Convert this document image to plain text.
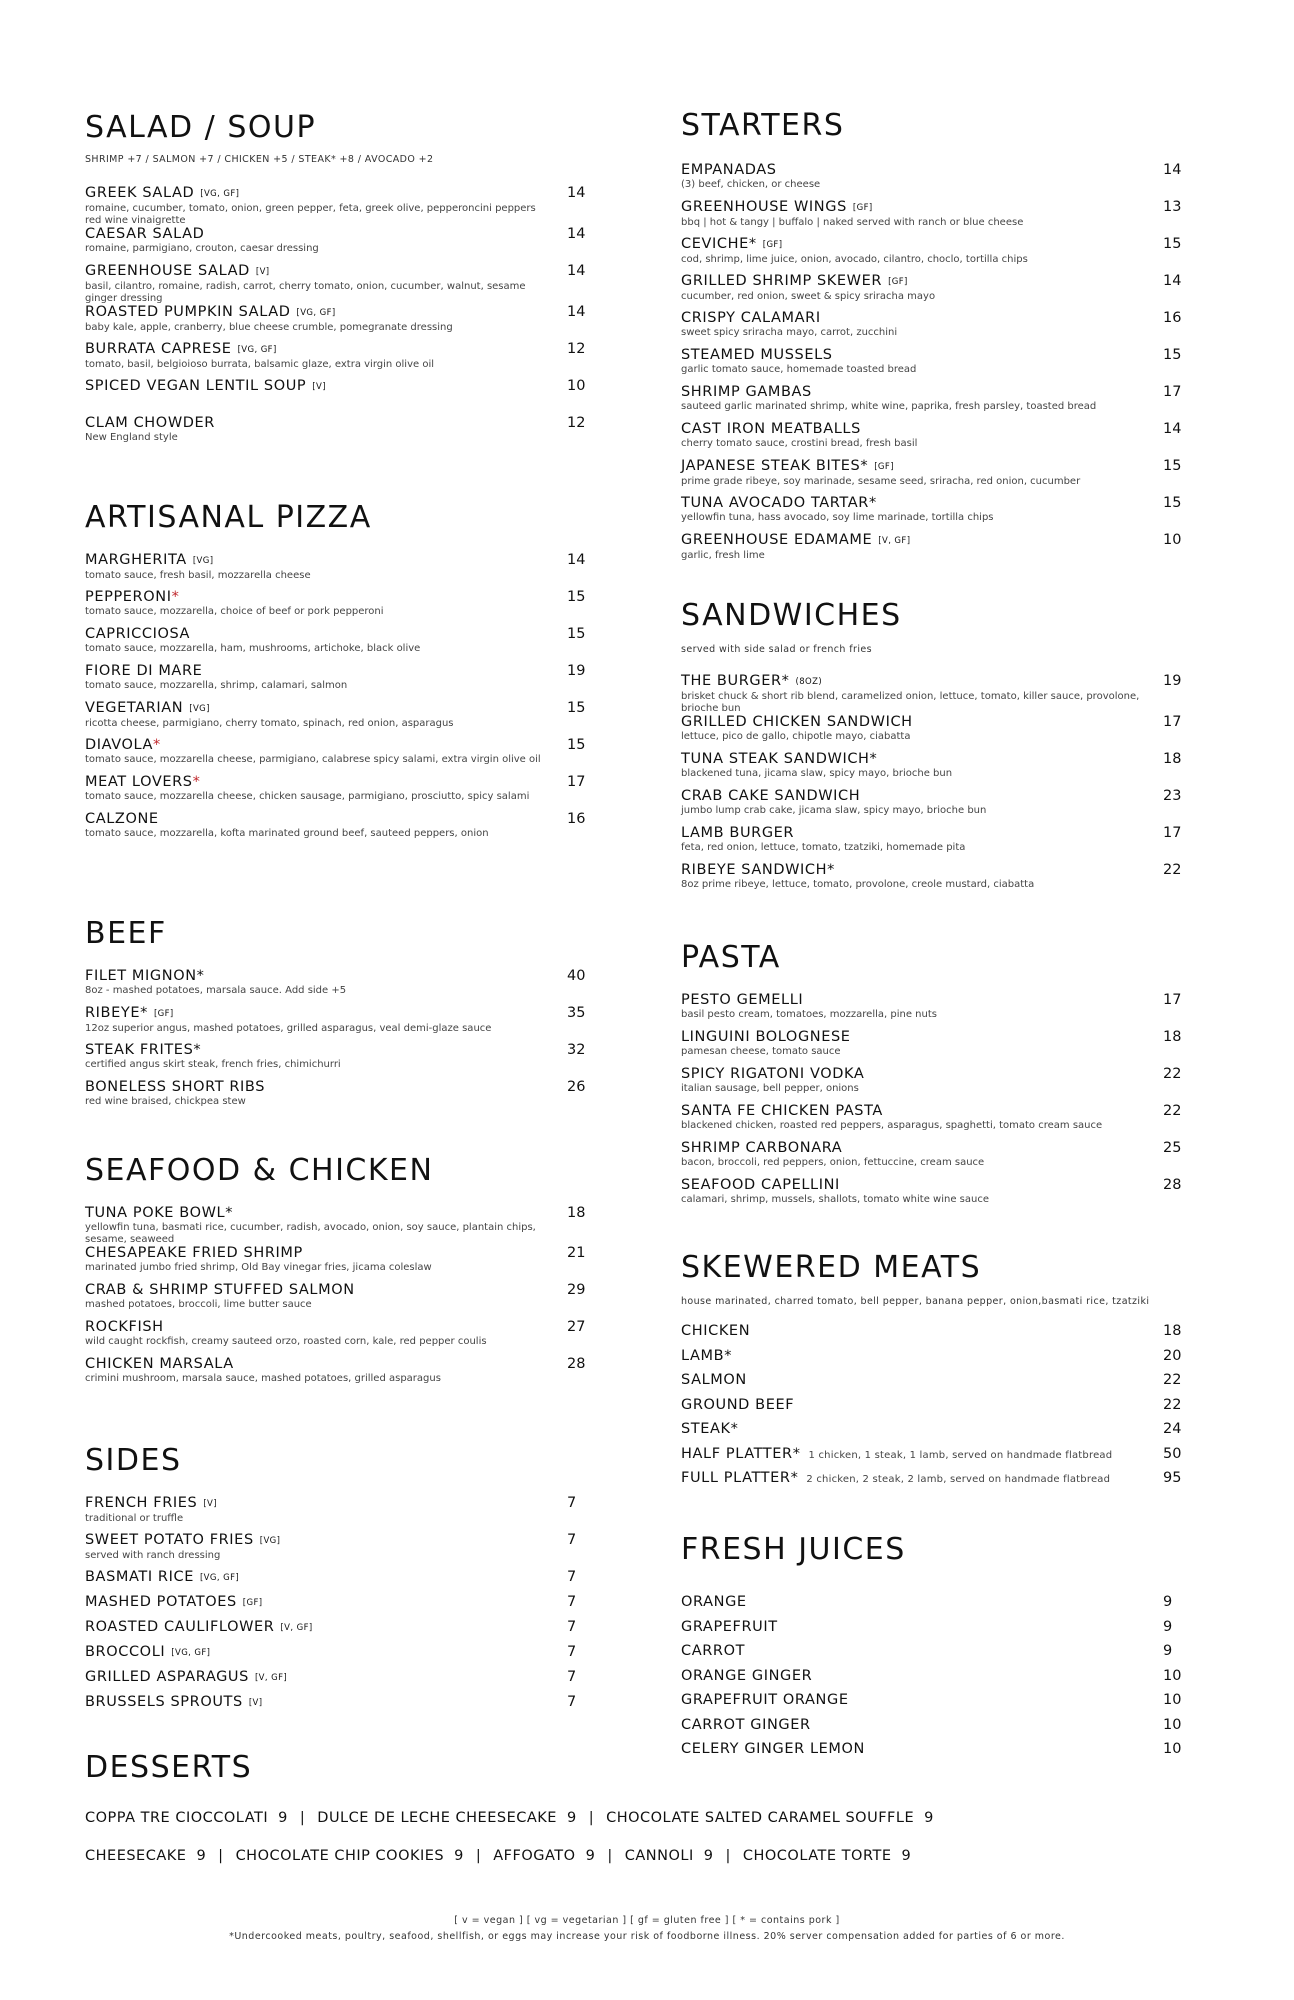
SALAD / SOUP
SHRIMP +7 / SALMON +7 / CHICKEN +5 / STEAK* +8 / AVOCADO +2
GREEK SALAD [VG, GF]
romaine, cucumber, tomato, onion, green pepper, feta, greek olive, pepperoncini peppers red wine vinaigrette
14
CAESAR SALAD
romaine, parmigiano, crouton, caesar dressing
14
GREENHOUSE SALAD [V]
basil, cilantro, romaine, radish, carrot, cherry tomato, onion, cucumber, walnut, sesame ginger dressing
14
ROASTED PUMPKIN SALAD [VG, GF]
baby kale, apple, cranberry, blue cheese crumble, pomegranate dressing
14
BURRATA CAPRESE [VG, GF]
tomato, basil, belgioioso burrata, balsamic glaze, extra virgin olive oil
12
SPICED VEGAN LENTIL SOUP [V]	10
CLAM CHOWDER
New England style
12
ARTISANAL PIZZA
MARGHERITA [VG]
tomato sauce, fresh basil, mozzarella cheese
14
PEPPERONI*
tomato sauce, mozzarella, choice of beef or pork pepperoni
15
CAPRICCIOSA
tomato sauce, mozzarella, ham, mushrooms, artichoke, black olive
15
FIORE DI MARE
tomato sauce, mozzarella, shrimp, calamari, salmon
19
VEGETARIAN [VG]
ricotta cheese, parmigiano, cherry tomato, spinach, red onion, asparagus
15
DIAVOLA*
tomato sauce, mozzarella cheese, parmigiano, calabrese spicy salami, extra virgin olive oil
15
MEAT LOVERS*
tomato sauce, mozzarella cheese, chicken sausage, parmigiano, prosciutto, spicy salami
17
CALZONE
tomato sauce, mozzarella, kofta marinated ground beef, sauteed peppers, onion
16
BEEF
FILET MIGNON*
8oz - mashed potatoes, marsala sauce. Add side +5
40
RIBEYE* [GF]
12oz superior angus, mashed potatoes, grilled asparagus, veal demi-glaze sauce
35
STEAK FRITES*
certified angus skirt steak, french fries, chimichurri
32
BONELESS SHORT RIBS
red wine braised, chickpea stew
26
SEAFOOD & CHICKEN
TUNA POKE BOWL*
yellowfin tuna, basmati rice, cucumber, radish, avocado, onion, soy sauce, plantain chips, sesame, seaweed
18
CHESAPEAKE FRIED SHRIMP
marinated jumbo fried shrimp, Old Bay vinegar fries, jicama coleslaw
21
CRAB & SHRIMP STUFFED SALMON
mashed potatoes, broccoli, lime butter sauce
29
ROCKFISH
wild caught rockfish, creamy sauteed orzo, roasted corn, kale, red pepper coulis
27
CHICKEN MARSALA
crimini mushroom, marsala sauce, mashed potatoes, grilled asparagus
28
SIDES
FRENCH FRIES [V]
traditional or truffle
7
SWEET POTATO FRIES [VG]
served with ranch dressing
7
BASMATI RICE [VG, GF]	7
MASHED POTATOES [GF]	7
ROASTED CAULIFLOWER [V, GF]	7
BROCCOLI [VG, GF]	7
GRILLED ASPARAGUS [V, GF]	7
BRUSSELS SPROUTS [V]	7
STARTERS
EMPANADAS
(3) beef, chicken, or cheese
14
GREENHOUSE WINGS [GF]
bbq | hot & tangy | buffalo | naked served with ranch or blue cheese
13
CEVICHE* [GF]
cod, shrimp, lime juice, onion, avocado, cilantro, choclo, tortilla chips
15
GRILLED SHRIMP SKEWER [GF]
cucumber, red onion, sweet & spicy sriracha mayo
14
CRISPY CALAMARI
sweet spicy sriracha mayo, carrot, zucchini
16
STEAMED MUSSELS
garlic tomato sauce, homemade toasted bread
15
SHRIMP GAMBAS
sauteed garlic marinated shrimp, white wine, paprika, fresh parsley, toasted bread
17
CAST IRON MEATBALLS
cherry tomato sauce, crostini bread, fresh basil
14
JAPANESE STEAK BITES* [GF]
prime grade ribeye, soy marinade, sesame seed, sriracha, red onion, cucumber
15
TUNA AVOCADO TARTAR*
yellowfin tuna, hass avocado, soy lime marinade, tortilla chips
15
GREENHOUSE EDAMAME [V, GF]
garlic, fresh lime
10
SANDWICHES
served with side salad or french fries
THE BURGER* (8OZ)
brisket chuck & short rib blend, caramelized onion, lettuce, tomato, killer sauce, provolone, brioche bun
19
GRILLED CHICKEN SANDWICH
lettuce, pico de gallo, chipotle mayo, ciabatta
17
TUNA STEAK SANDWICH*
blackened tuna, jicama slaw, spicy mayo, brioche bun
18
CRAB CAKE SANDWICH
jumbo lump crab cake, jicama slaw, spicy mayo, brioche bun
23
LAMB BURGER
feta, red onion, lettuce, tomato, tzatziki, homemade pita
17
RIBEYE SANDWICH*
8oz prime ribeye, lettuce, tomato, provolone, creole mustard, ciabatta
22
PASTA
PESTO GEMELLI
basil pesto cream, tomatoes, mozzarella, pine nuts
17
LINGUINI BOLOGNESE
pamesan cheese, tomato sauce
18
SPICY RIGATONI VODKA
italian sausage, bell pepper, onions
22
SANTA FE CHICKEN PASTA
blackened chicken, roasted red peppers, asparagus, spaghetti, tomato cream sauce
22
SHRIMP CARBONARA
bacon, broccoli, red peppers, onion, fettuccine, cream sauce
25
SEAFOOD CAPELLINI
calamari, shrimp, mussels, shallots, tomato white wine sauce
28
SKEWERED MEATS
house marinated, charred tomato, bell pepper, banana pepper, onion,basmati rice, tzatziki
CHICKEN	18
LAMB*	20
SALMON	22
GROUND BEEF	22
STEAK*	24
HALF PLATTER* 1 chicken, 1 steak, 1 lamb, served on handmade flatbread	50
FULL PLATTER* 2 chicken, 2 steak, 2 lamb, served on handmade flatbread	95
FRESH JUICES
ORANGE	9
GRAPEFRUIT	9
CARROT	9
ORANGE GINGER	10
GRAPEFRUIT ORANGE	10
CARROT GINGER	10
CELERY GINGER LEMON	10
DESSERTS
COPPA TRE CIOCCOLATI 9 | DULCE DE LECHE CHEESECAKE 9 | CHOCOLATE SALTED CARAMEL SOUFFLE 9
CHEESECAKE 9 | CHOCOLATE CHIP COOKIES 9 | AFFOGATO 9 | CANNOLI 9 | CHOCOLATE TORTE 9
[ v = vegan ] [ vg = vegetarian ] [ gf = gluten free ] [ * = contains pork ]
*Undercooked meats, poultry, seafood, shellfish, or eggs may increase your risk of foodborne illness. 20% server compensation added for parties of 6 or more.
